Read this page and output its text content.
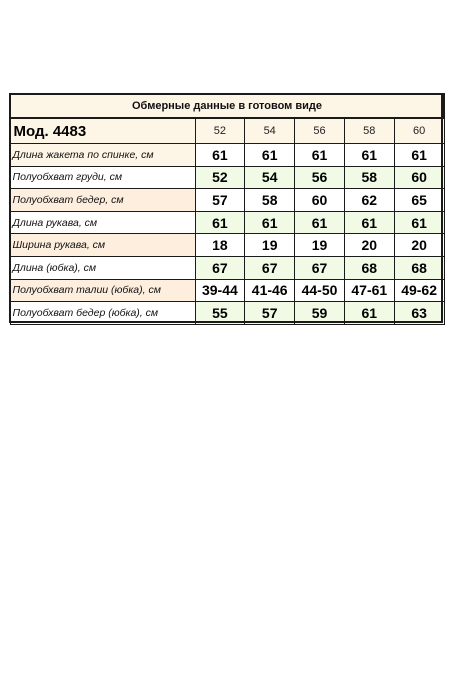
Обмерные данные в готовом виде					
Мод. 4483	52	54	56	58	60
Длина жакета по спинке, см	61	61	61	61	61
Полуобхват груди, см	52	54	56	58	60
Полуобхват бедер, см	57	58	60	62	65
Длина рукава, см	61	61	61	61	61
Ширина рукава, см	18	19	19	20	20
Длина (юбка), см	67	67	67	68	68
Полуобхват талии (юбка), см	39-44	41-46	44-50	47-61	49-62
Полуобхват бедер (юбка), см	55	57	59	61	63
